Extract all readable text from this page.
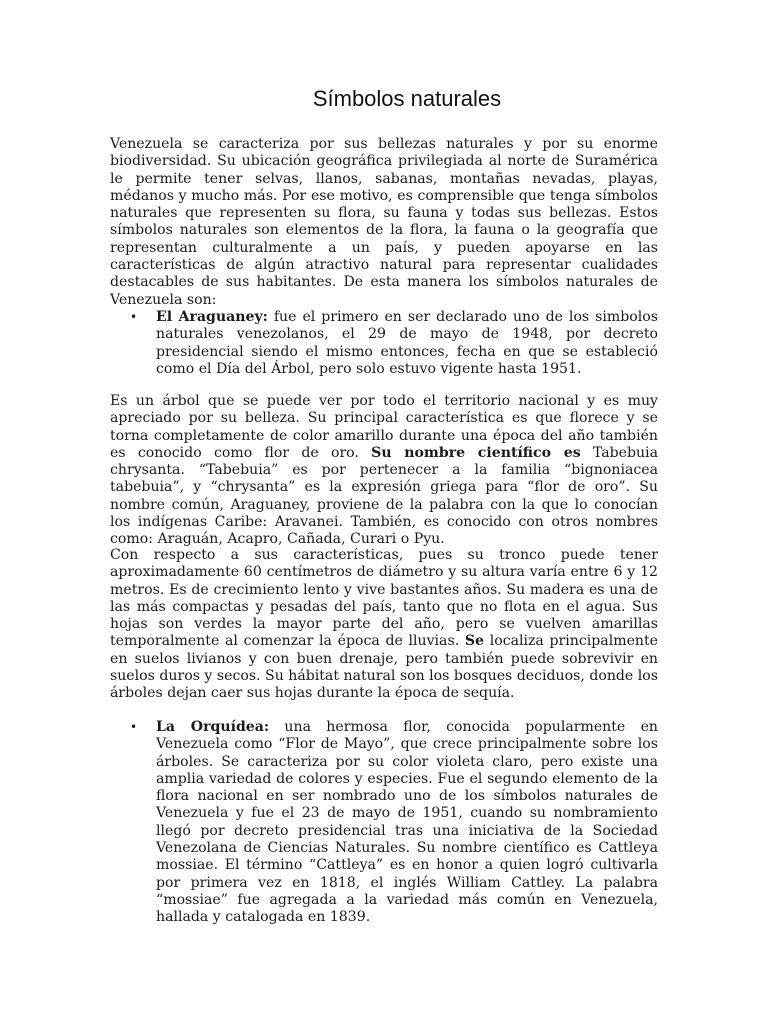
Símbolos naturales

Venezuela se caracteriza por sus bellezas naturales y por su enorme biodiversidad. Su ubicación geográfica privilegiada al norte de Suramérica le permite tener selvas, llanos, sabanas, montañas nevadas, playas, médanos y mucho más. Por ese motivo, es comprensible que tenga símbolos naturales que representen su flora, su fauna y todas sus bellezas. Estos símbolos naturales son elementos de la flora, la fauna o la geografía que representan culturalmente a un país, y pueden apoyarse en las características de algún atractivo natural para representar cualidades destacables de sus habitantes. De esta manera los símbolos naturales de Venezuela son:

• El Araguaney: fue el primero en ser declarado uno de los simbolos naturales venezolanos, el 29 de mayo de 1948, por decreto presidencial siendo el mismo entonces, fecha en que se estableció como el Día del Árbol, pero solo estuvo vigente hasta 1951.

Es un árbol que se puede ver por todo el territorio nacional y es muy apreciado por su belleza. Su principal característica es que florece y se torna completamente de color amarillo durante una época del año también es conocido como flor de oro. Su nombre científico es Tabebuia chrysanta. “Tabebuia” es por pertenecer a la familia “bignoniacea tabebuia”, y “chrysanta” es la expresión griega para “flor de oro”. Su nombre común, Araguaney, proviene de la palabra con la que lo conocían los indígenas Caribe: Aravanei. También, es conocido con otros nombres como: Araguán, Acapro, Cañada, Curari o Pyu.

Con respecto a sus características, pues su tronco puede tener aproximadamente 60 centímetros de diámetro y su altura varía entre 6 y 12 metros. Es de crecimiento lento y vive bastantes años. Su madera es una de las más compactas y pesadas del país, tanto que no flota en el agua. Sus hojas son verdes la mayor parte del año, pero se vuelven amarillas temporalmente al comenzar la época de lluvias. Se localiza principalmente en suelos livianos y con buen drenaje, pero también puede sobrevivir en suelos duros y secos. Su hábitat natural son los bosques deciduos, donde los árboles dejan caer sus hojas durante la época de sequía.

• La Orquídea: una hermosa flor, conocida popularmente en Venezuela como “Flor de Mayo”, que crece principalmente sobre los árboles. Se caracteriza por su color violeta claro, pero existe una amplia variedad de colores y especies. Fue el segundo elemento de la flora nacional en ser nombrado uno de los símbolos naturales de Venezuela y fue el 23 de mayo de 1951, cuando su nombramiento llegó por decreto presidencial tras una iniciativa de la Sociedad Venezolana de Ciencias Naturales. Su nombre científico es Cattleya mossiae. El término “Cattleya” es en honor a quien logró cultivarla por primera vez en 1818, el inglés William Cattley. La palabra “mossiae” fue agregada a la variedad más común en Venezuela, hallada y catalogada en 1839.
